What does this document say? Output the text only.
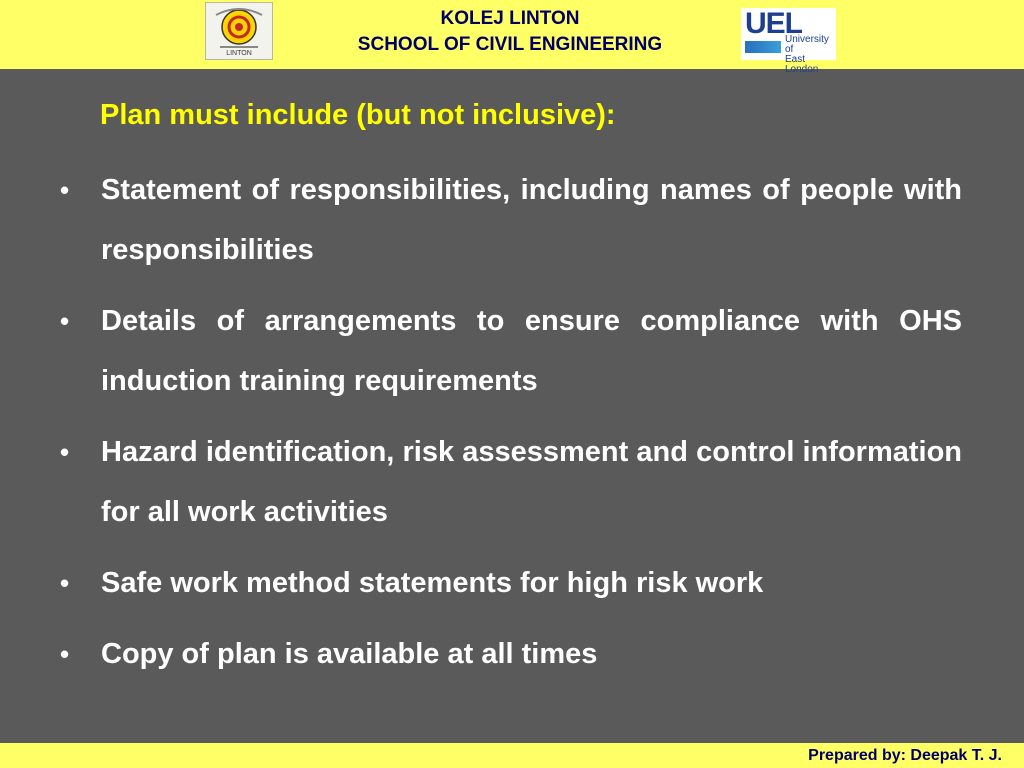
LINTON
KOLEJ LINTON
SCHOOL OF CIVIL ENGINEERING
UEL
University of
East London
Plan must include (but not inclusive):
• Statement of responsibilities, including names of people with responsibilities
• Details of arrangements to ensure compliance with OHS induction training requirements
• Hazard identification, risk assessment and control information for all work activities
• Safe work method statements for high risk work
• Copy of plan is available at all times
Prepared by: Deepak T. J.
